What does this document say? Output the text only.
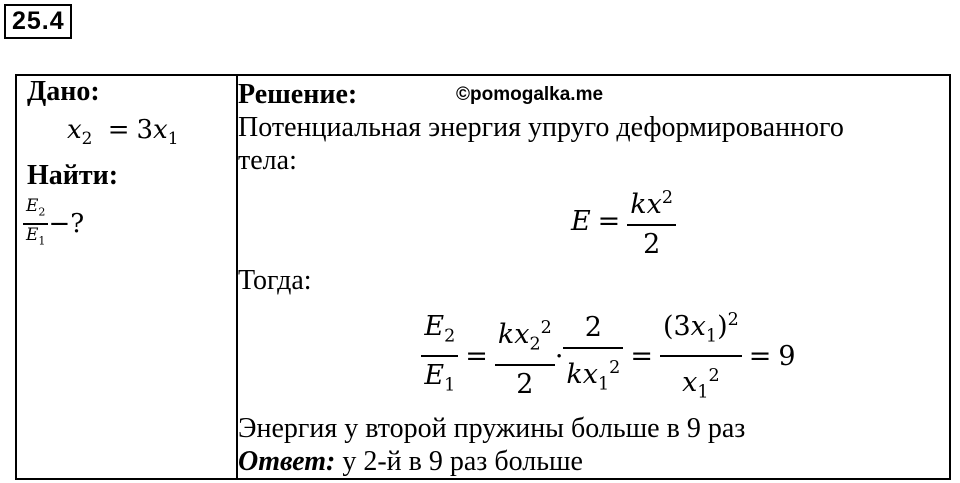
25.4
Дано:
$x_2 = 3x_1$
Найти:
$\frac{E_2}{E_1}$ −?

Решение:	©pomogalka.me
Потенциальная энергия упруго деформированного
тела:
$E = \frac{kx^2}{2}$
Тогда:
$\frac{E_2}{E_1} = \frac{kx_2^2}{2} \cdot \frac{2}{kx_1^2} = \frac{(3x_1)^2}{x_1^2} = 9$
Энергия у второй пружины больше в 9 раз
Ответ: у 2-й в 9 раз больше
